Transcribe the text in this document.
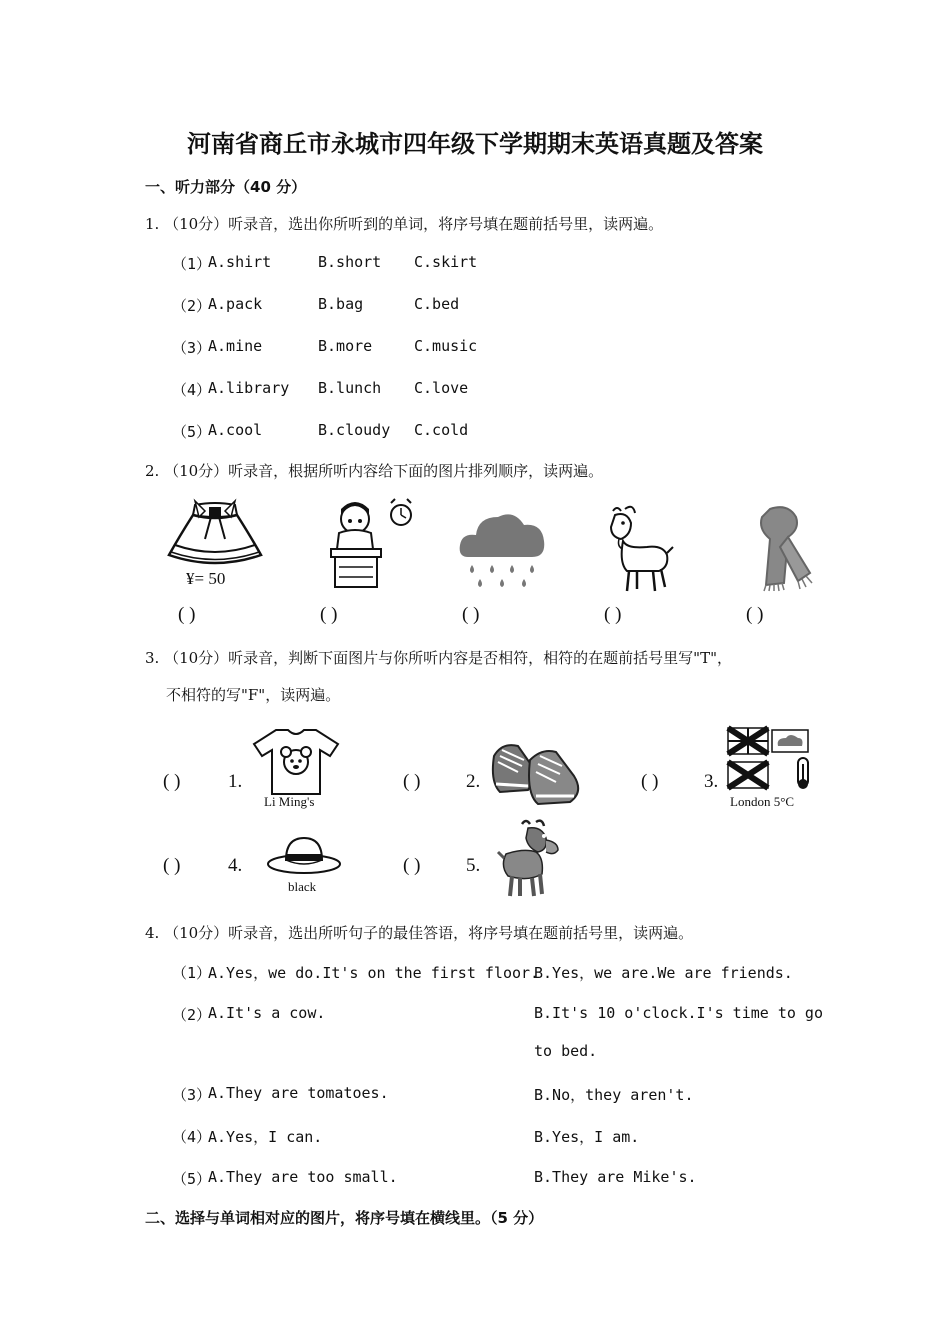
河南省商丘市永城市四年级下学期期末英语真题及答案
一、听力部分（40 分）
1. （10分）听录音，选出你所听到的单词，将序号填在题前括号里，读两遍。
（1）
A.shirt	B.short C.skirt
（2）
A.pack	B.bag	C.bed
（3）
A.mine	B.more	C.music
（4）
A.library B.lunch C.love
（5）
A.cool	B.cloudy C.cold
2. （10分）听录音，根据所听内容给下面的图片排列顺序，读两遍。
¥= 50
( )	( )	( )	( )	( )
3. （10分）听录音，判断下面图片与你所听内容是否相符，相符的在题前括号里写"T"，
不相符的写"F"，读两遍。
( )	1.
Li Ming's
( ) 2.	( ) 3.
London 5°C
( )	4.
black
( ) 5.
4. （10分）听录音，选出所听句子的最佳答语，将序号填在题前括号里，读两遍。
（1）
A.Yes，we do.It's on the first floor.
B.Yes，we are.We are friends.
（2）
A.It's a cow.	B.It's 10 o'clock.I's time to go
to bed.
（3）
A.They are tomatoes.	B.No，they aren't.
（4）
A.Yes，I can.	B.Yes，I am.
（5）
A.They are too small.	B.They are Mike's.
二、选择与单词相对应的图片，将序号填在横线里。（5 分）
